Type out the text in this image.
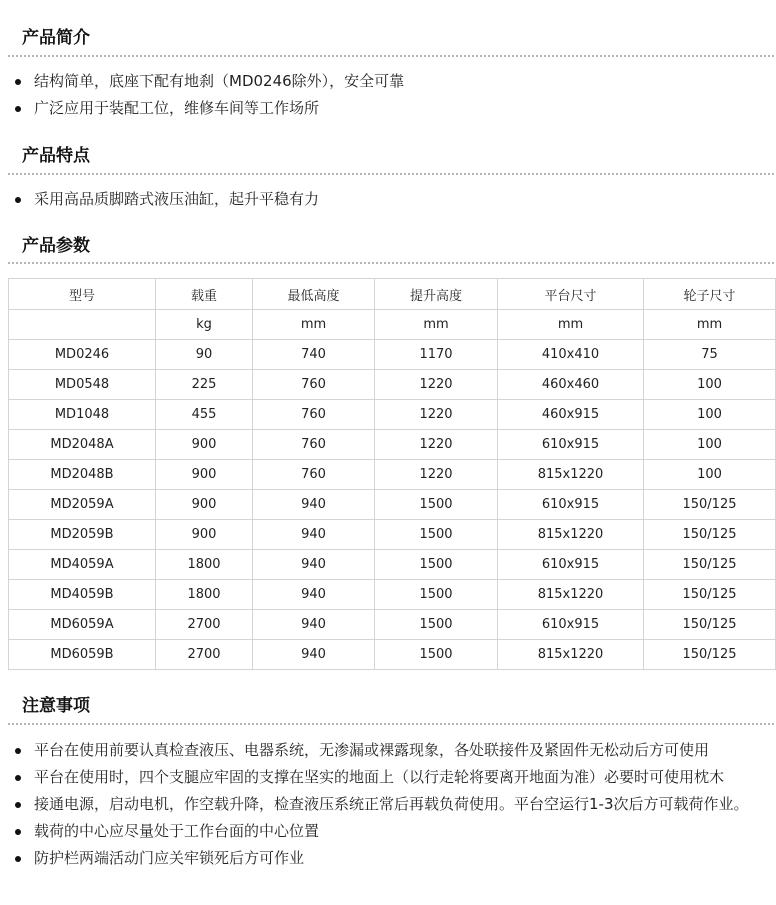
产品简介
结构简单，底座下配有地刹（MD0246除外），安全可靠
广泛应用于装配工位，维修车间等工作场所
产品特点
采用高品质脚踏式液压油缸，起升平稳有力
产品参数
型号	载重	最低高度	提升高度	平台尺寸	轮子尺寸
	kg	mm	mm	mm	mm
MD0246	90	740	1170	410x410	75
MD0548	225	760	1220	460x460	100
MD1048	455	760	1220	460x915	100
MD2048A	900	760	1220	610x915	100
MD2048B	900	760	1220	815x1220	100
MD2059A	900	940	1500	610x915	150/125
MD2059B	900	940	1500	815x1220	150/125
MD4059A	1800	940	1500	610x915	150/125
MD4059B	1800	940	1500	815x1220	150/125
MD6059A	2700	940	1500	610x915	150/125
MD6059B	2700	940	1500	815x1220	150/125
注意事项
平台在使用前要认真检查液压、电器系统，无渗漏或裸露现象，各处联接件及紧固件无松动后方可使用
平台在使用时，四个支腿应牢固的支撑在坚实的地面上（以行走轮将要离开地面为准）必要时可使用枕木
接通电源，启动电机，作空载升降，检查液压系统正常后再载负荷使用。平台空运行1-3次后方可载荷作业。
载荷的中心应尽量处于工作台面的中心位置
防护栏两端活动门应关牢锁死后方可作业
